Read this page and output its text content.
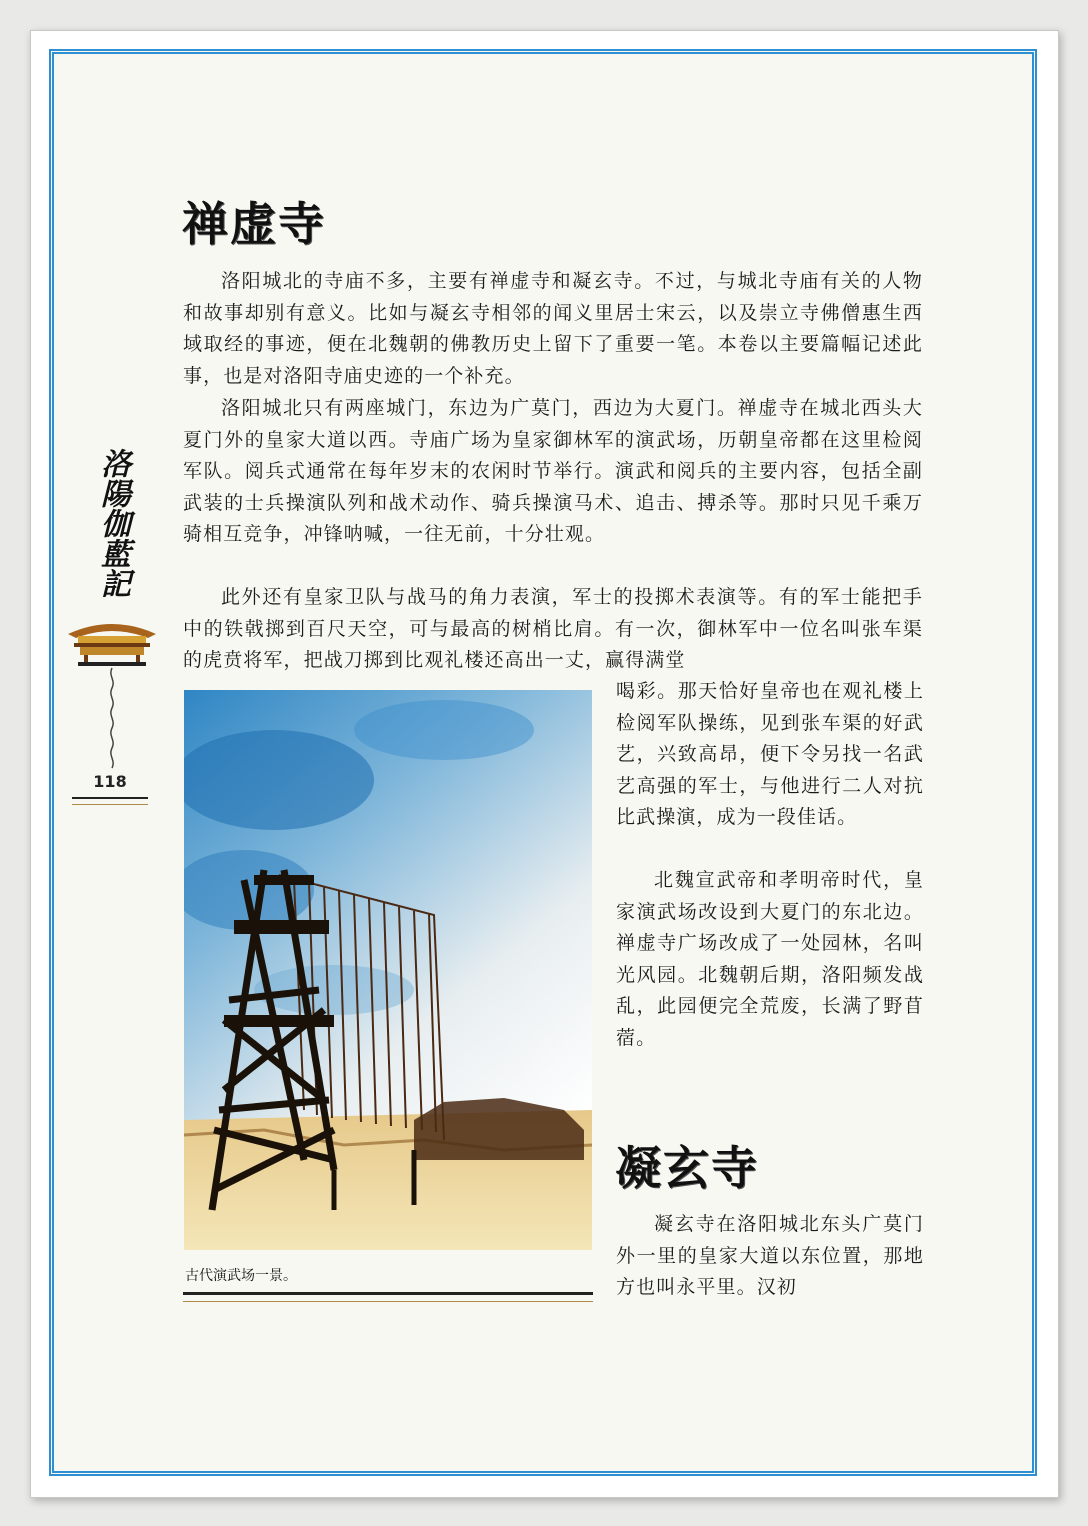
洛陽伽藍記
118
禅虚寺

洛阳城北的寺庙不多，主要有禅虚寺和凝玄寺。不过，与城北寺庙有关的人物和故事却别有意义。比如与凝玄寺相邻的闻义里居士宋云，以及崇立寺佛僧惠生西域取经的事迹，便在北魏朝的佛教历史上留下了重要一笔。本卷以主要篇幅记述此事，也是对洛阳寺庙史迹的一个补充。

洛阳城北只有两座城门，东边为广莫门，西边为大夏门。禅虚寺在城北西头大夏门外的皇家大道以西。寺庙广场为皇家御林军的演武场，历朝皇帝都在这里检阅军队。阅兵式通常在每年岁末的农闲时节举行。演武和阅兵的主要内容，包括全副武装的士兵操演队列和战术动作、骑兵操演马术、追击、搏杀等。那时只见千乘万骑相互竞争，冲锋呐喊，一往无前，十分壮观。

此外还有皇家卫队与战马的角力表演，军士的投掷术表演等。有的军士能把手中的铁戟掷到百尺天空，可与最高的树梢比肩。有一次，御林军中一位名叫张车渠的虎贲将军，把战刀掷到比观礼楼还高出一丈，赢得满堂

喝彩。那天恰好皇帝也在观礼楼上检阅军队操练，见到张车渠的好武艺，兴致高昂，便下令另找一名武艺高强的军士，与他进行二人对抗比武操演，成为一段佳话。

北魏宣武帝和孝明帝时代，皇家演武场改设到大夏门的东北边。禅虚寺广场改成了一处园林，名叫光风园。北魏朝后期，洛阳频发战乱，此园便完全荒废，长满了野苜蓿。

古代演武场一景。

凝玄寺

凝玄寺在洛阳城北东头广莫门外一里的皇家大道以东位置，那地方也叫永平里。汉初
